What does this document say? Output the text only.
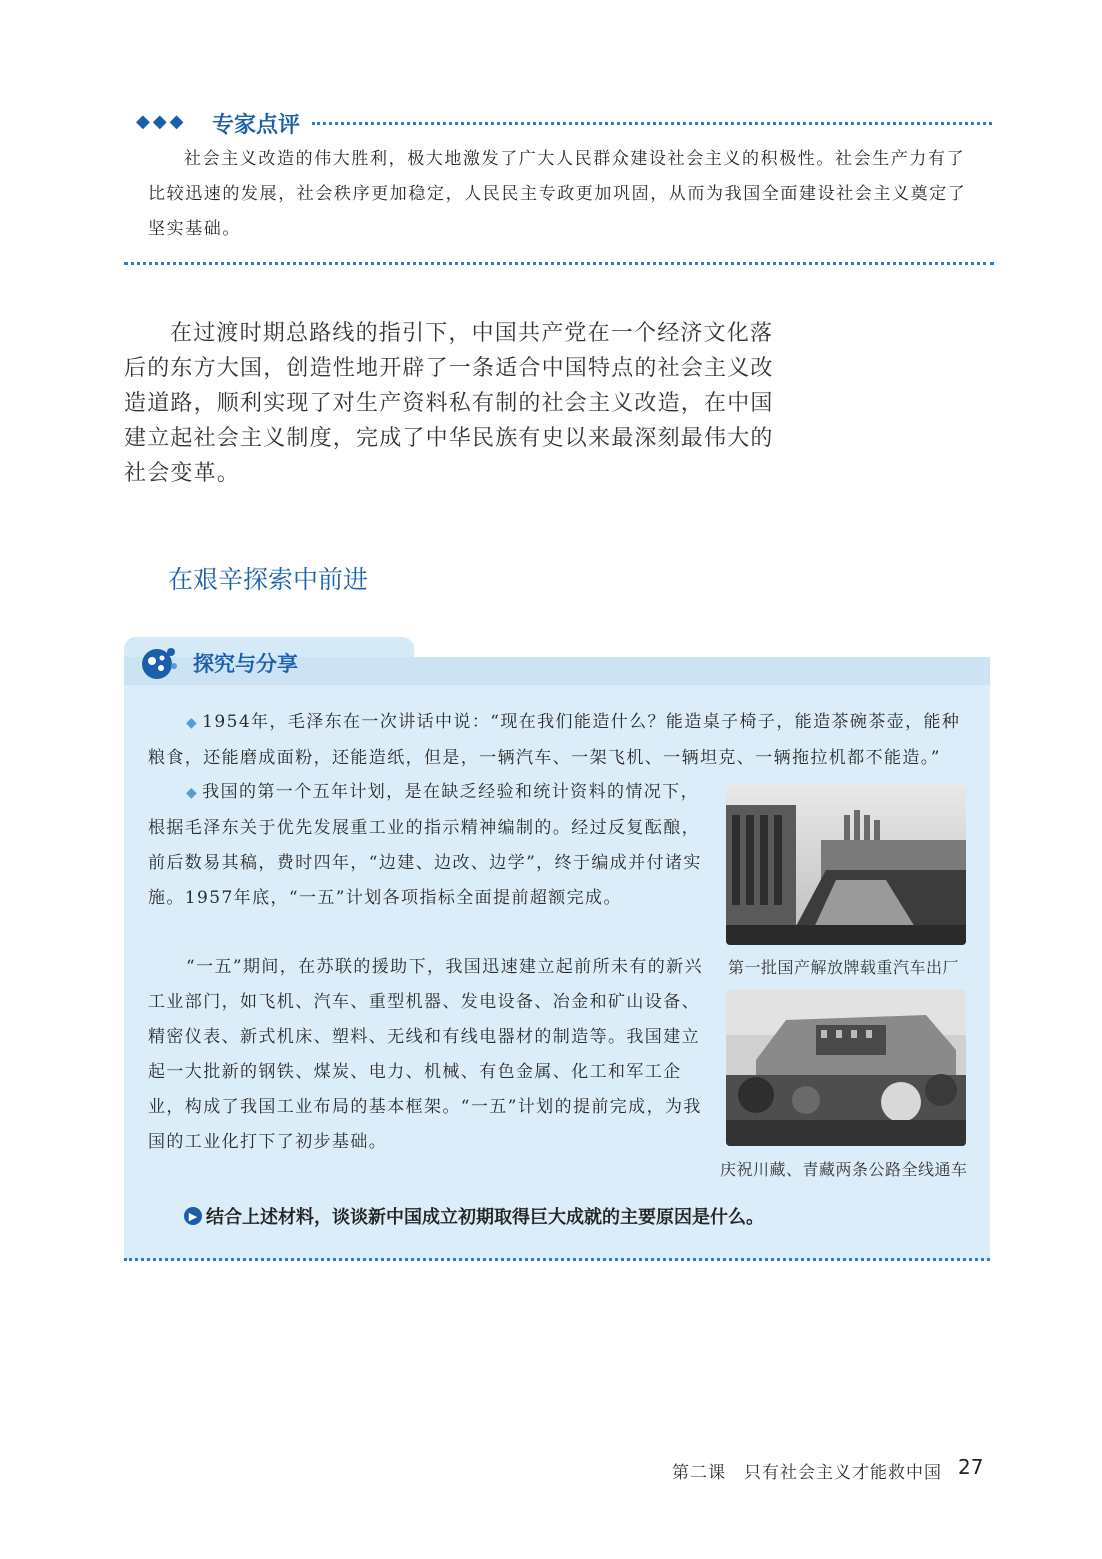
◆◆◆ 专家点评

社会主义改造的伟大胜利，极大地激发了广大人民群众建设社会主义的积极性。社会生产力有了比较迅速的发展，社会秩序更加稳定，人民民主专政更加巩固，从而为我国全面建设社会主义奠定了坚实基础。

在过渡时期总路线的指引下，中国共产党在一个经济文化落后的东方大国，创造性地开辟了一条适合中国特点的社会主义改造道路，顺利实现了对生产资料私有制的社会主义改造，在中国建立起社会主义制度，完成了中华民族有史以来最深刻最伟大的社会变革。

在艰辛探索中前进
探究与分享

◆ 1954年，毛泽东在一次讲话中说：“现在我们能造什么？能造桌子椅子，能造茶碗茶壶，能种粮食，还能磨成面粉，还能造纸，但是，一辆汽车、一架飞机、一辆坦克、一辆拖拉机都不能造。”

◆ 我国的第一个五年计划，是在缺乏经验和统计资料的情况下，根据毛泽东关于优先发展重工业的指示精神编制的。经过反复酝酿，前后数易其稿，费时四年，“边建、边改、边学”，终于编成并付诸实施。1957年底，“一五”计划各项指标全面提前超额完成。

“一五”期间，在苏联的援助下，我国迅速建立起前所未有的新兴工业部门，如飞机、汽车、重型机器、发电设备、冶金和矿山设备、精密仪表、新式机床、塑料、无线和有线电器材的制造等。我国建立起一大批新的钢铁、煤炭、电力、机械、有色金属、化工和军工企业，构成了我国工业布局的基本框架。“一五”计划的提前完成，为我国的工业化打下了初步基础。

第一批国产解放牌载重汽车出厂
庆祝川藏、青藏两条公路全线通车
▶ 结合上述材料，谈谈新中国成立初期取得巨大成就的主要原因是什么。
第二课　只有社会主义才能救中国 27
